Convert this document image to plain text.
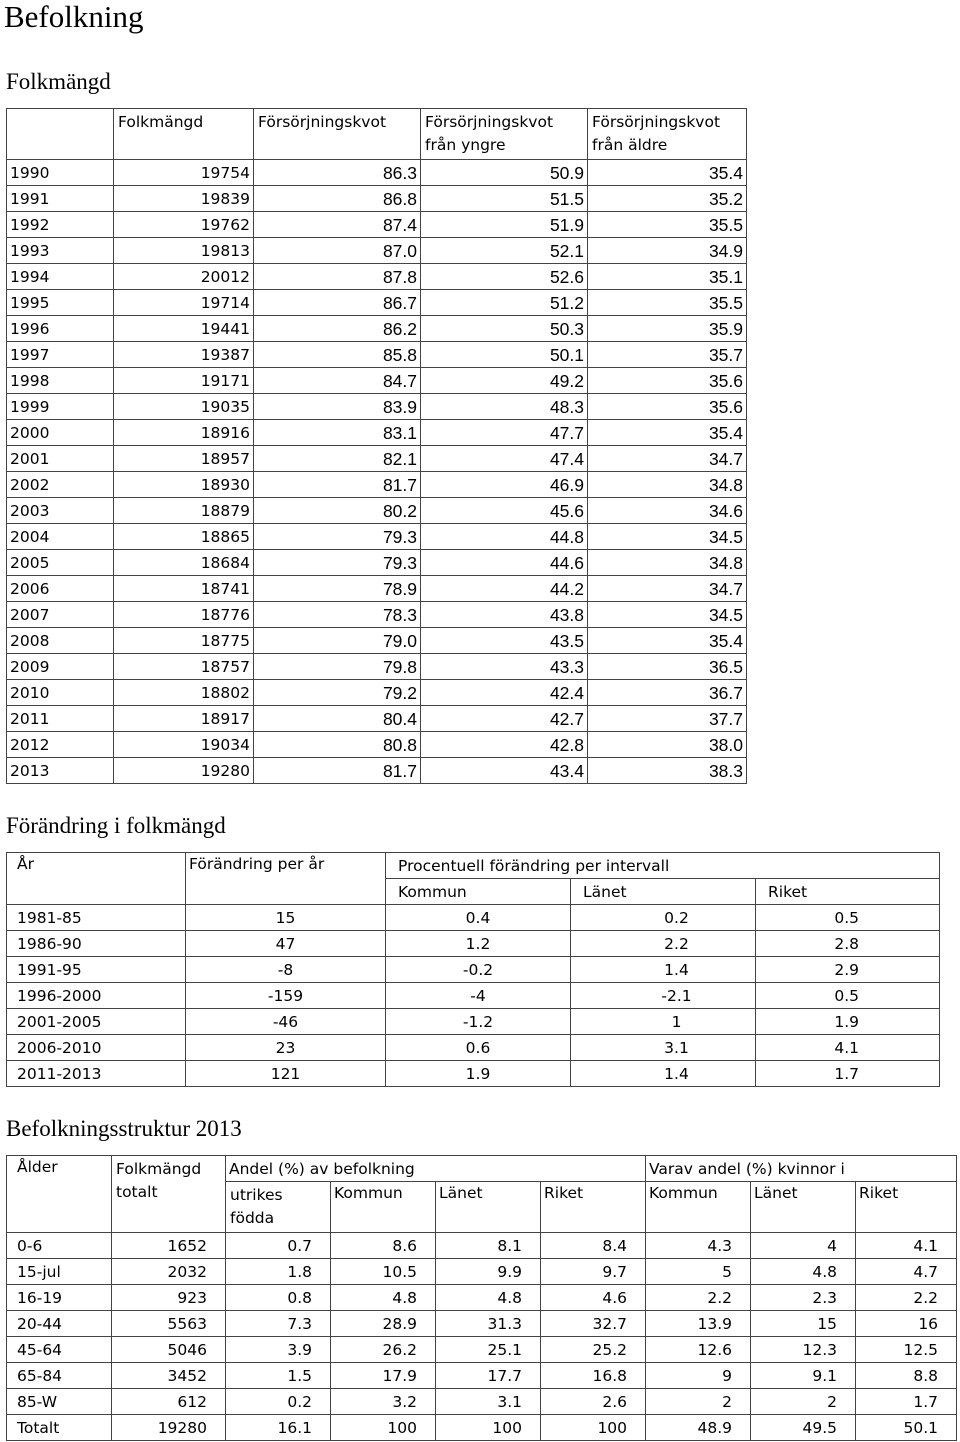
Befolkning
Folkmängd
	Folkmängd	Försörjningskvot	Försörjningskvot från yngre	Försörjningskvot från äldre
1990	19754	86.3	50.9	35.4
1991	19839	86.8	51.5	35.2
1992	19762	87.4	51.9	35.5
1993	19813	87.0	52.1	34.9
1994	20012	87.8	52.6	35.1
1995	19714	86.7	51.2	35.5
1996	19441	86.2	50.3	35.9
1997	19387	85.8	50.1	35.7
1998	19171	84.7	49.2	35.6
1999	19035	83.9	48.3	35.6
2000	18916	83.1	47.7	35.4
2001	18957	82.1	47.4	34.7
2002	18930	81.7	46.9	34.8
2003	18879	80.2	45.6	34.6
2004	18865	79.3	44.8	34.5
2005	18684	79.3	44.6	34.8
2006	18741	78.9	44.2	34.7
2007	18776	78.3	43.8	34.5
2008	18775	79.0	43.5	35.4
2009	18757	79.8	43.3	36.5
2010	18802	79.2	42.4	36.7
2011	18917	80.4	42.7	37.7
2012	19034	80.8	42.8	38.0
2013	19280	81.7	43.4	38.3
Förändring i folkmängd
År	Förändring per år	Procentuell förändring per intervall		
		Kommun	Länet	Riket
1981-85	15	0.4	0.2	0.5
1986-90	47	1.2	2.2	2.8
1991-95	-8	-0.2	1.4	2.9
1996-2000	-159	-4	-2.1	0.5
2001-2005	-46	-1.2	1	1.9
2006-2010	23	0.6	3.1	4.1
2011-2013	121	1.9	1.4	1.7
Befolkningsstruktur 2013
Ålder	Folkmängd totalt	Andel (%) av befolkning				Varav andel (%) kvinnor i		
		utrikes födda	Kommun	Länet	Riket	Kommun	Länet	Riket
0-6	1652	0.7	8.6	8.1	8.4	4.3	4	4.1
15-jul	2032	1.8	10.5	9.9	9.7	5	4.8	4.7
16-19	923	0.8	4.8	4.8	4.6	2.2	2.3	2.2
20-44	5563	7.3	28.9	31.3	32.7	13.9	15	16
45-64	5046	3.9	26.2	25.1	25.2	12.6	12.3	12.5
65-84	3452	1.5	17.9	17.7	16.8	9	9.1	8.8
85-W	612	0.2	3.2	3.1	2.6	2	2	1.7
Totalt	19280	16.1	100	100	100	48.9	49.5	50.1
